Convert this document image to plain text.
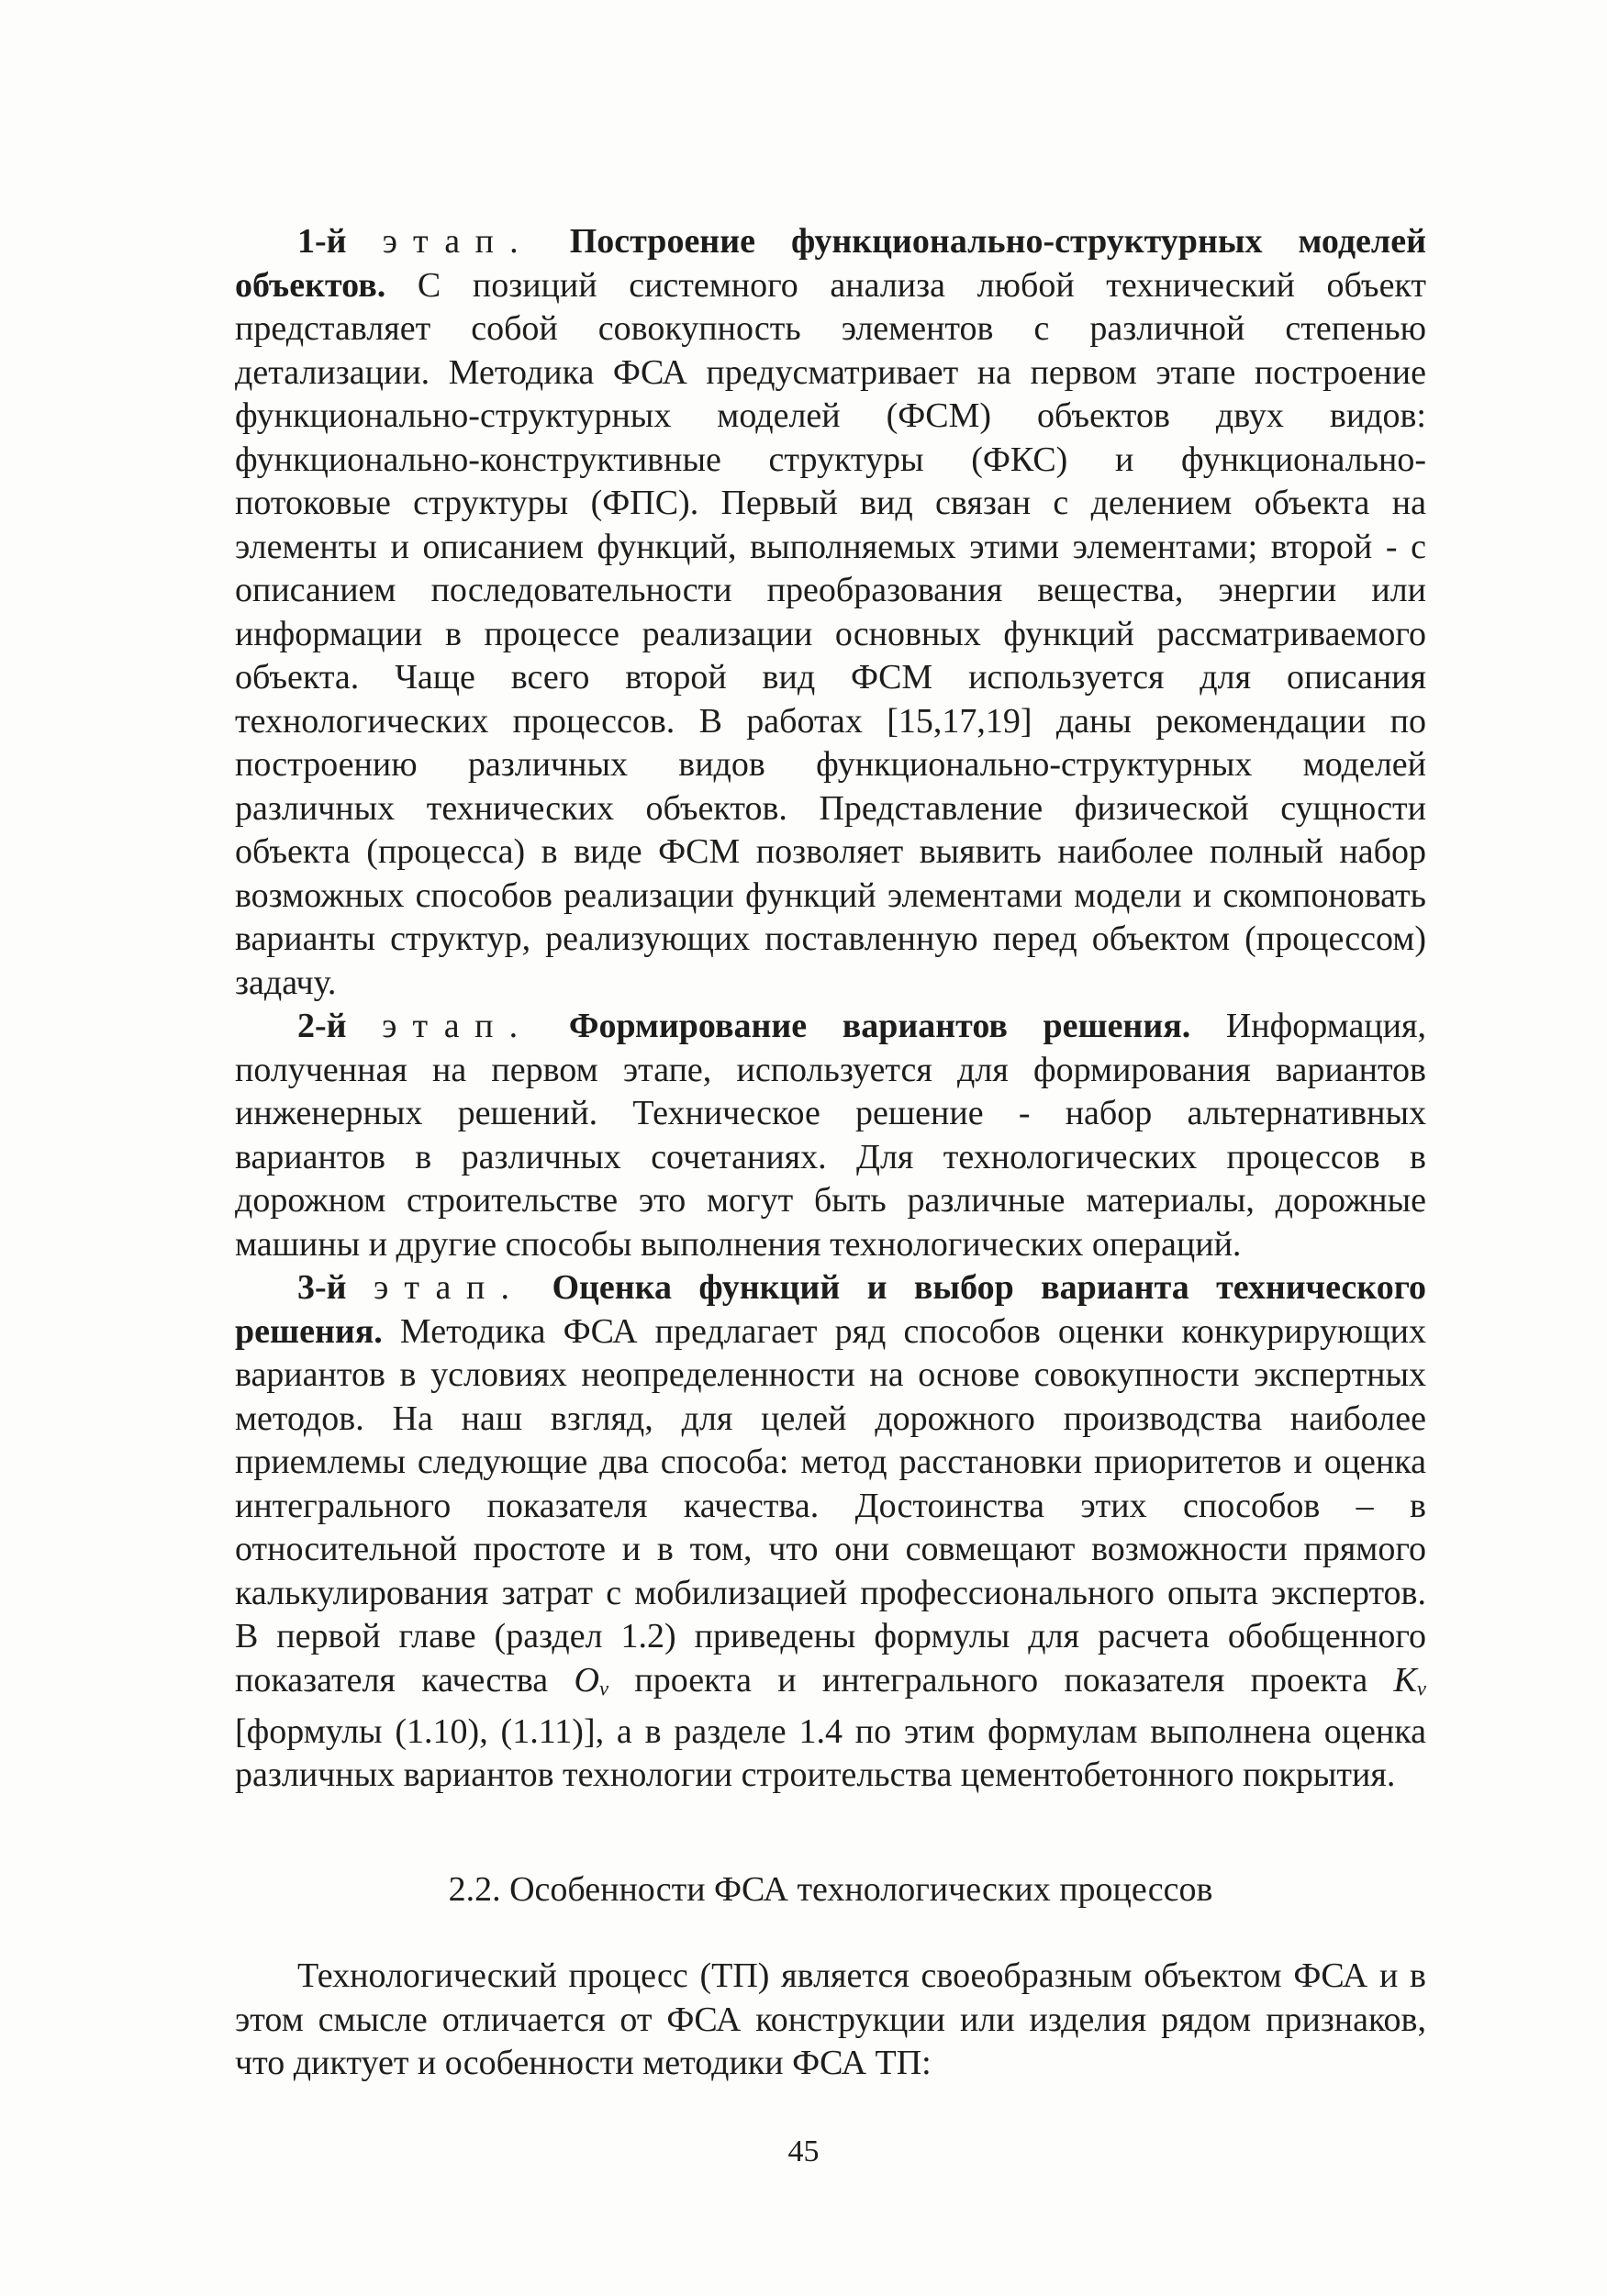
1-й этап. Построение функционально-структурных моделей объектов. С позиций системного анализа любой технический объект представляет собой совокупность элементов с различной степенью детализации. Методика ФСА предусматривает на первом этапе построение функционально-структурных моделей (ФСМ) объектов двух видов: функционально-конструктивные структуры (ФКС) и функционально-потоковые структуры (ФПС). Первый вид связан с делением объекта на элементы и описанием функций, выполняемых этими элементами; второй - с описанием последовательности преобразования вещества, энергии или информации в процессе реализации основных функций рассматриваемого объекта. Чаще всего второй вид ФСМ используется для описания технологических процессов. В работах [15,17,19] даны рекомендации по построению различных видов функционально-структурных моделей различных технических объектов. Представление физической сущности объекта (процесса) в виде ФСМ позволяет выявить наиболее полный набор возможных способов реализации функций элементами модели и скомпоновать варианты структур, реализующих поставленную перед объектом (процессом) задачу.

2-й этап. Формирование вариантов решения. Информация, полученная на первом этапе, используется для формирования вариантов инженерных решений. Техническое решение - набор альтернативных вариантов в различных сочетаниях. Для технологических процессов в дорожном строительстве это могут быть различные материалы, дорожные машины и другие способы выполнения технологических операций.

3-й этап. Оценка функций и выбор варианта технического решения. Методика ФСА предлагает ряд способов оценки конкурирующих вариантов в условиях неопределенности на основе совокупности экспертных методов. На наш взгляд, для целей дорожного производства наиболее приемлемы следующие два способа: метод расстановки приоритетов и оценка интегрального показателя качества. Достоинства этих способов – в относительной простоте и в том, что они совмещают возможности прямого калькулирования затрат с мобилизацией профессионального опыта экспертов. В первой главе (раздел 1.2) приведены формулы для расчета обобщенного показателя качества $O_v$ проекта и интегрального показателя проекта $K_v$ [формулы (1.10), (1.11)], а в разделе 1.4 по этим формулам выполнена оценка различных вариантов технологии строительства цементобетонного покрытия.

2.2. Особенности ФСА технологических процессов

Технологический процесс (ТП) является своеобразным объектом ФСА и в этом смысле отличается от ФСА конструкции или изделия рядом признаков, что диктует и особенности методики ФСА ТП:

45
